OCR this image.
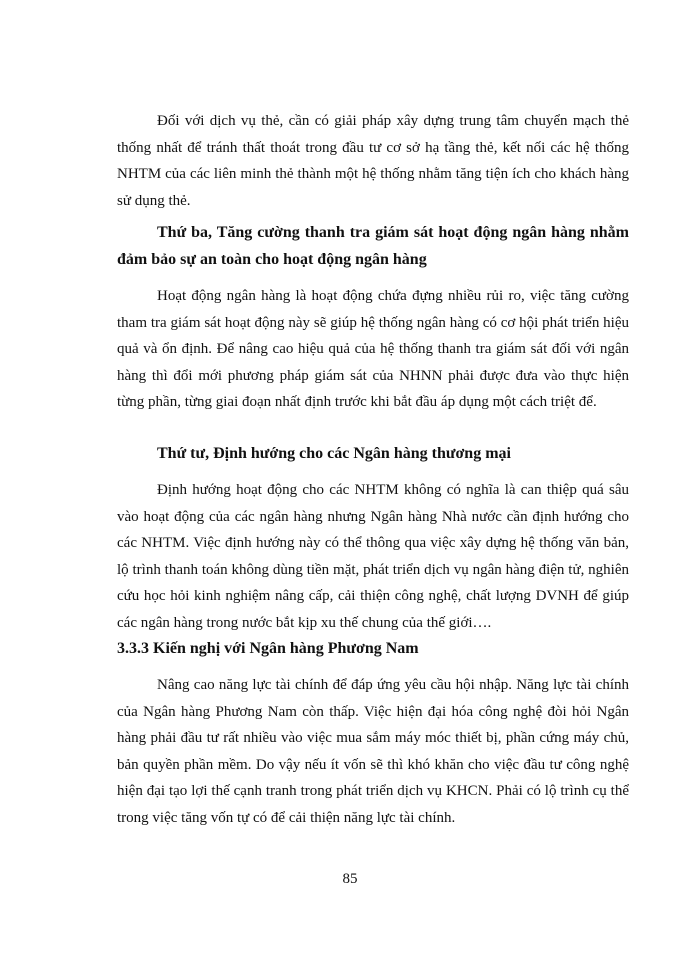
Đối với dịch vụ thẻ, cần có giải pháp xây dựng trung tâm chuyển mạch thẻ thống nhất để tránh thất thoát trong đầu tư cơ sở hạ tầng thẻ, kết nối các hệ thống NHTM của các liên minh thẻ thành một hệ thống nhằm tăng tiện ích cho khách hàng sử dụng thẻ.

Thứ ba, Tăng cường thanh tra giám sát hoạt động ngân hàng nhằm đảm bảo sự an toàn cho hoạt động ngân hàng

Hoạt động ngân hàng là hoạt động chứa đựng nhiều rủi ro, việc tăng cường tham tra giám sát hoạt động này sẽ giúp hệ thống ngân hàng có cơ hội phát triển hiệu quả và ổn định. Để nâng cao hiệu quả của hệ thống thanh tra giám sát đối với ngân hàng thì đổi mới phương pháp giám sát của NHNN phải được đưa vào thực hiện từng phần, từng giai đoạn nhất định trước khi bắt đầu áp dụng một cách triệt để.

Thứ tư, Định hướng cho các Ngân hàng thương mại

Định hướng hoạt động cho các NHTM không có nghĩa là can thiệp quá sâu vào hoạt động của các ngân hàng nhưng Ngân hàng Nhà nước cần định hướng cho các NHTM. Việc định hướng này có thể thông qua việc xây dựng hệ thống văn bản, lộ trình thanh toán không dùng tiền mặt, phát triển dịch vụ ngân hàng điện tử, nghiên cứu học hỏi kinh nghiệm nâng cấp, cải thiện công nghệ, chất lượng DVNH để giúp các ngân hàng trong nước bắt kịp xu thế chung của thế giới….

3.3.3 Kiến nghị với Ngân hàng Phương Nam

Nâng cao năng lực tài chính để đáp ứng yêu cầu hội nhập. Năng lực tài chính của Ngân hàng Phương Nam còn thấp. Việc hiện đại hóa công nghệ đòi hỏi Ngân hàng phải đầu tư rất nhiều vào việc mua sắm máy móc thiết bị, phần cứng máy chủ, bản quyền phần mềm. Do vậy nếu ít vốn sẽ thì khó khăn cho việc đầu tư công nghệ hiện đại tạo lợi thế cạnh tranh trong phát triển dịch vụ KHCN. Phải có lộ trình cụ thể trong việc tăng vốn tự có để cải thiện năng lực tài chính.

85
